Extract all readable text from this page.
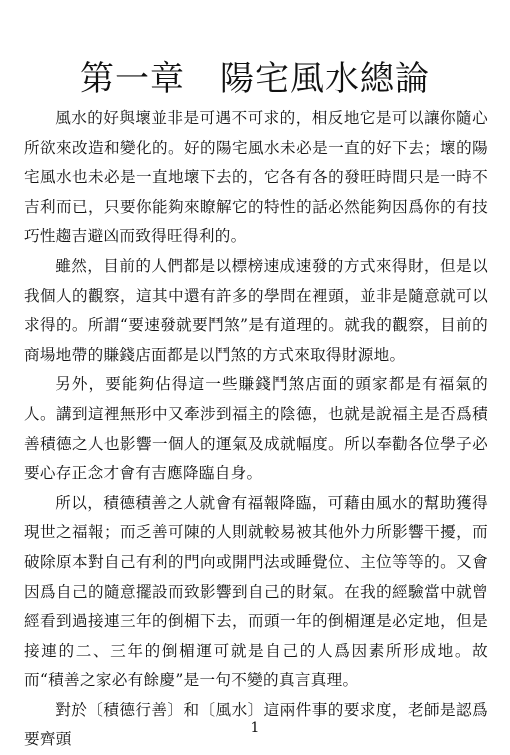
第一章　陽宅風水總論

風水的好與壞並非是可遇不可求的，相反地它是可以讓你隨心所欲來改造和變化的。好的陽宅風水未必是一直的好下去；壞的陽宅風水也未必是一直地壞下去的，它各有各的發旺時間只是一時不吉利而已，只要你能夠來瞭解它的特性的話必然能夠因爲你的有技巧性趨吉避凶而致得旺得利的。

雖然，目前的人們都是以標榜速成速發的方式來得財，但是以我個人的觀察，這其中還有許多的學問在裡頭，並非是隨意就可以求得的。所謂“要速發就要鬥煞”是有道理的。就我的觀察，目前的商場地帶的賺錢店面都是以鬥煞的方式來取得財源地。

另外，要能夠佔得這一些賺錢鬥煞店面的頭家都是有福氣的人。講到這裡無形中又牽涉到福主的陰德，也就是說福主是否爲積善積德之人也影響一個人的運氣及成就幅度。所以奉勸各位學子必要心存正念才會有吉應降臨自身。

所以，積德積善之人就會有福報降臨，可藉由風水的幫助獲得現世之福報；而乏善可陳的人則就較易被其他外力所影響干擾，而破除原本對自己有利的門向或開門法或睡覺位、主位等等的。又會因爲自己的隨意擺設而致影響到自己的財氣。在我的經驗當中就曾經看到過接連三年的倒楣下去，而頭一年的倒楣運是必定地，但是接連的二、三年的倒楣運可就是自己的人爲因素所形成地。故而“積善之家必有餘慶”是一句不變的真言真理。

對於〔積德行善〕和〔風水〕這兩件事的要求度，老師是認爲要齊頭

1
